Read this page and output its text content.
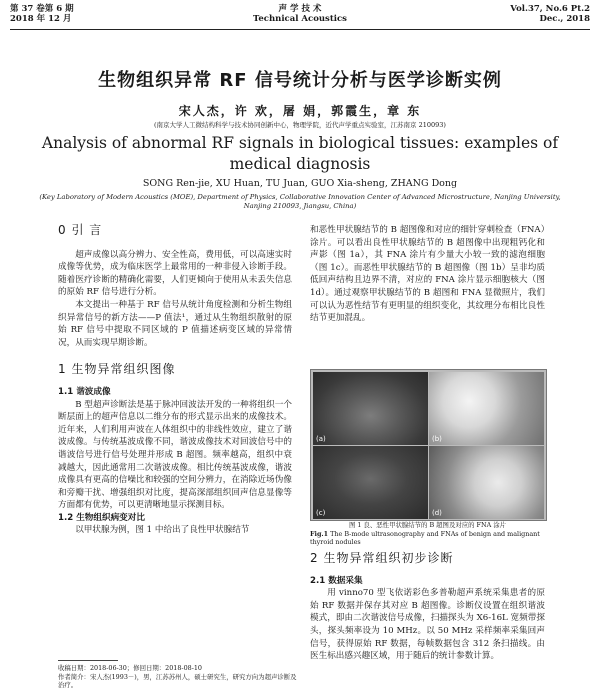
第 37 卷第 6 期
2018 年 12 月
声 学 技 术
Technical Acoustics
Vol.37, No.6 Pt.2
Dec., 2018
生物组织异常 RF 信号统计分析与医学诊断实例
宋人杰，许 欢，屠 娟，郭霞生，章 东
(南京大学人工微结构科学与技术协同创新中心，物理学院，近代声学重点实验室，江苏南京 210093)
Analysis of abnormal RF signals in biological tissues: examples of medical diagnosis
SONG Ren-jie, XU Huan, TU Juan, GUO Xia-sheng, ZHANG Dong
(Key Laboratory of Modern Acoustics (MOE), Department of Physics, Collaborative Innovation Center of Advanced Microstructure, Nanjing University, Nanjing 210093, Jiangsu, China)
0 引 言

超声成像以高分辨力、安全性高，费用低，可以高速实时成像等优势，成为临床医学上最常用的一种非侵入诊断手段。随着医疗诊断的精确化需要，人们更倾向于使用从未丢失信息的原始 RF 信号进行分析。

本文提出一种基于 RF 信号从统计角度检测和分析生物组织异常信号的新方法——P 值法¹，通过从生物组织散射的原始 RF 信号中提取不同区域的 P 值描述病变区域的异常情况，从而实现早期诊断。

1 生物异常组织图像
1.1 谐波成像

B 型超声诊断法是基于脉冲回波法开发的一种将组织一个断层面上的超声信息以二维分布的形式显示出来的成像技术。近年来，人们利用声波在人体组织中的非线性效应，建立了谐波成像。与传统基波成像不同，谐波成像技术对回波信号中的谐波信号进行信号处理并形成 B 超图。频率越高，组织中衰减越大，因此通常用二次谐波成像。相比传统基波成像，谐波成像具有更高的信噪比和较强的空间分辨力，在消除近场伪像和旁瓣干扰、增强组织对比度，提高深部组织回声信息显像等方面都有优势，可以更清晰地显示探测目标。

1.2 生物组织病变对比

以甲状腺为例，图 1 中给出了良性甲状腺结节

和恶性甲状腺结节的 B 超图像和对应的细针穿刺检查（FNA）涂片。可以看出良性甲状腺结节的 B 超图像中出现粗钙化和声影（图 1a），其 FNA 涂片有少量大小较一致的滤泡细胞（图 1c）。而恶性甲状腺结节的 B 超图像（图 1b）呈非均质低回声结构且边界不清，对应的 FNA 涂片显示细胞核大（图 1d）。通过观察甲状腺结节的 B 超图和 FNA 显微照片，我们可以认为恶性结节有更明显的组织变化，其纹理分布相比良性结节更加混乱。

(a)	(b)
(c)	(d)
图 1 良、恶性甲状腺结节的 B 超图及对应的 FNA 涂片
Fig.1 The B-mode ultrasonography and FNAs of benign and malignant thyroid nodules
2 生物异常组织初步诊断
2.1 数据采集

用 vinno70 型飞依诺彩色多普勒超声系统采集患者的原始 RF 数据并保存其对应 B 超图像。诊断仪设置在组织谐波模式，即由二次谐波信号成像，扫描探头为 X6-16L 宽频带探头，探头频率设为 10 MHz。以 50 MHz 采样频率采集回声信号，获得原始 RF 数据，每帧数据包含 312 条扫描线。由医生标出感兴趣区域，用于随后的统计参数计算。

收稿日期：2018-06-30；修回日期：2018-08-10
作者简介：宋人杰(1993－)，男，江苏苏州人，硕士研究生，研究方向为超声诊断及治疗。
